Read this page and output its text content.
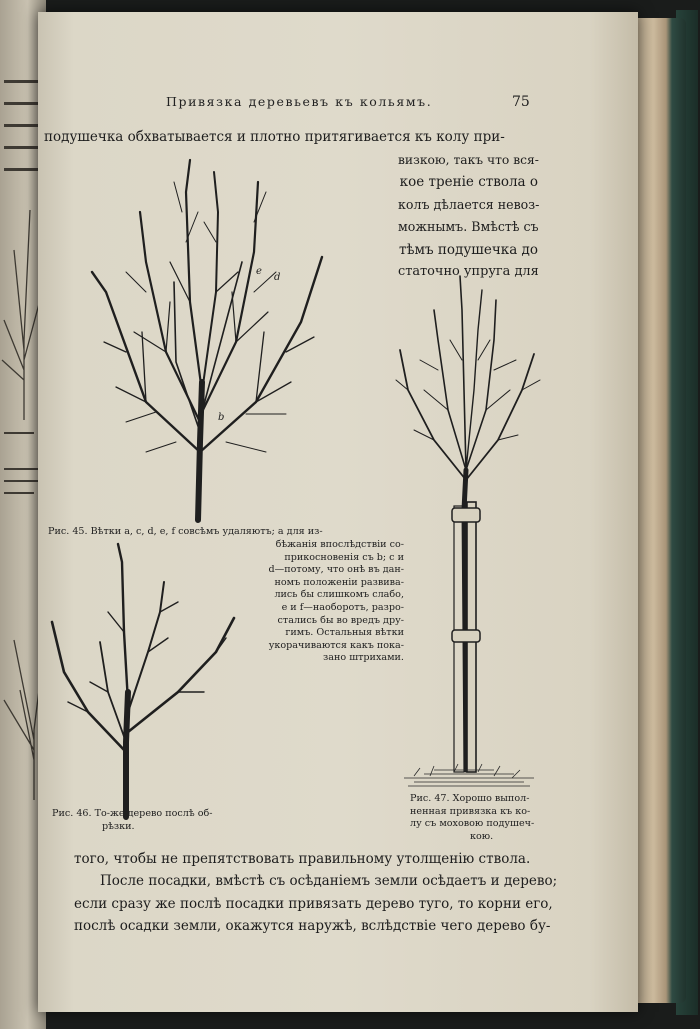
Привязка деревьевъ къ кольямъ.	75

подушечка обхватывается и плотно притягивается къ колу при-

визкою, такъ что вся-
кое треніе ствола о
колъ дѣлается невоз-
можнымъ. Вмѣстѣ съ
тѣмъ подушечка до
статочно упруга для

e
d
b

Рис. 45. Вѣтки a, c, d, e, f совсѣмъ удаляютъ; a для из-

бѣжанія впослѣдствіи со-
прикосновенія съ b; c и
d—потому, что онѣ въ дан-
номъ положеніи развива-
лись бы слишкомъ слабо,
e и f—наоборотъ, разро-
стались бы во вредъ дру-
гимъ. Остальныя вѣтки
укорачиваются какъ пока-
зано штрихами.

Рис. 46. То-же дерево послѣ об-
рѣзки.

Рис. 47. Хорошо выпол-
ненная привязка къ ко-
лу съ моховою подушеч-
кою.

того, чтобы не препятствовать правильному утолщенію ствола.
После посадки, вмѣстѣ съ осѣданіемъ земли осѣдаетъ и дерево;
если сразу же послѣ посадки привязать дерево туго, то корни его,
послѣ осадки земли, окажутся наружѣ, вслѣдствіе чего дерево бу-
